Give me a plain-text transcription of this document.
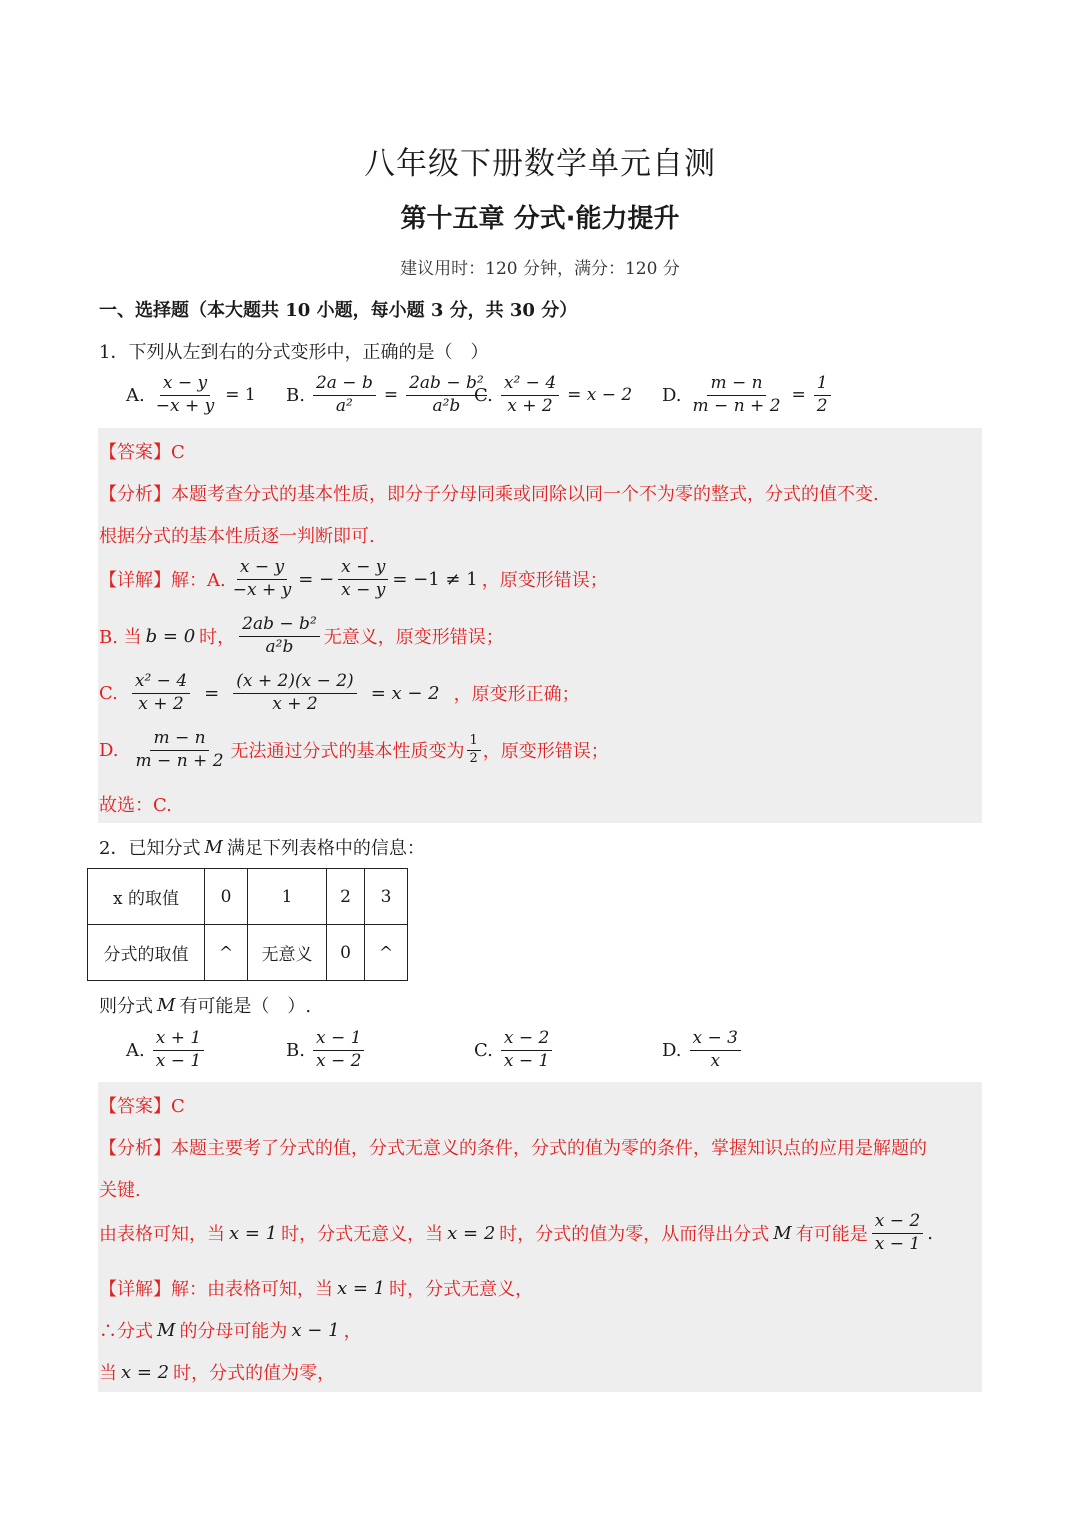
八年级下册数学单元自测
第十五章 分式·能力提升
建议用时：120 分钟，满分：120 分
一、选择题（本大题共 10 小题，每小题 3 分，共 30 分）
1．下列从左到右的分式变形中，正确的是（　）
A. $\frac{x - y}{-x + y} = 1$ B. $\frac{2a - b}{\text{a²}} = \frac{\text{2ab − b²}}{\text{a²b}}$
C. $\frac{\text{x² − 4}}{x + 2} = x - 2$ D. $\frac{m - n}{m - n + 2} = \frac{1}{2}$
【答案】C
【分析】本题考查分式的基本性质，即分子分母同乘或同除以同一个不为零的整式，分式的值不变.
根据分式的基本性质逐一判断即可.
【详解】解：A. $\frac{x - y}{-x + y}$ = − $\frac{x - y}{x - y} = -1 \ne 1$ ，原变形错误；
B. 当 b = 0 时， $\frac{\text{2ab − b²}}{\text{a²b}}$ 无意义，原变形错误；
C. $\frac{\text{x² − 4}}{x + 2} = \frac{(x + 2)(x - 2)}{x + 2} = x - 2$ ，原变形正确；
D. $\frac{m - n}{m - n + 2}$ 无法通过分式的基本性质变为 $\frac{1}{2}$ ，原变形错误；
故选：C.
2．已知分式 M 满足下列表格中的信息：
x 的取值	0	1	2	3
分式的取值	^	无意义	0	^
则分式 M 有可能是（　）.
A. $\frac{x + 1}{x - 1}$	B. $\frac{x - 1}{x - 2}$	C. $\frac{x - 2}{x - 1}$	D. $\frac{x - 3}{x}$
【答案】C
【分析】本题主要考了分式的值，分式无意义的条件，分式的值为零的条件，掌握知识点的应用是解题的
关键.
由表格可知，当 x = 1 时，分式无意义，当 x = 2 时，分式的值为零，从而得出分式 M 有可能是 $\frac{x - 2}{x - 1}$ .
【详解】解：由表格可知，当 x = 1 时，分式无意义，
∴分式 M 的分母可能为 x − 1 ，
当 x = 2 时，分式的值为零，
